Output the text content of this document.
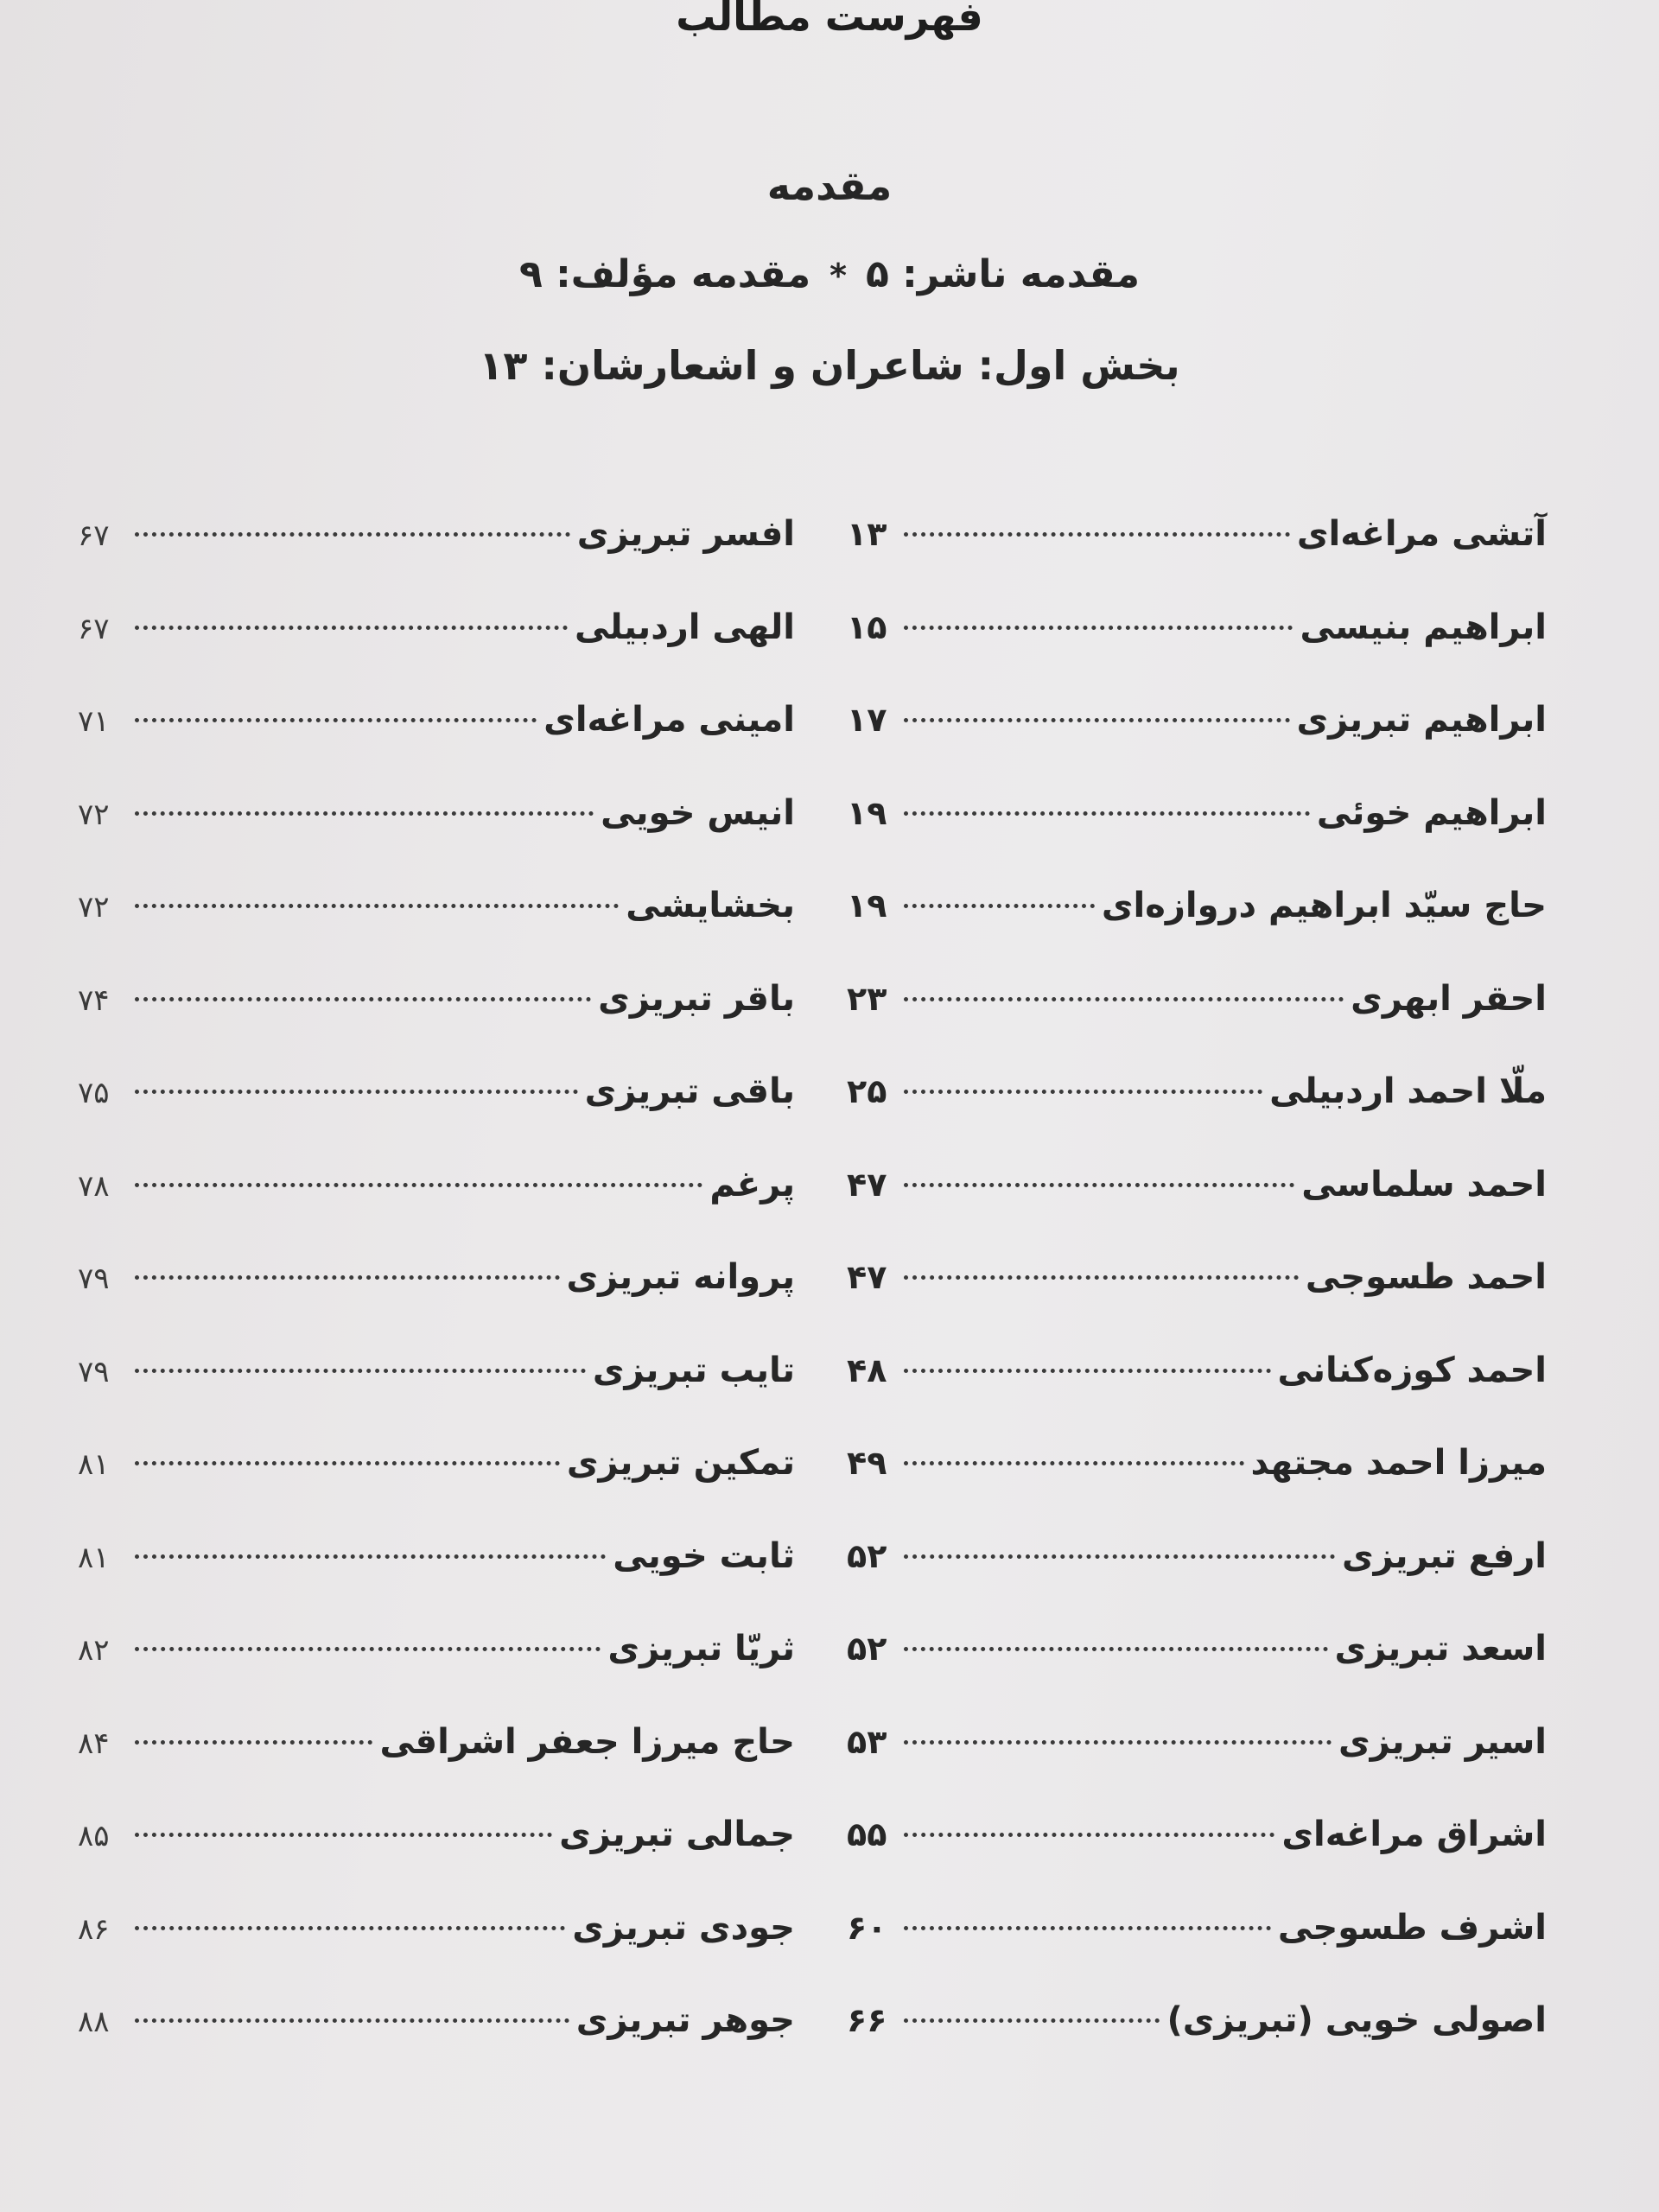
فهرست مطالب
مقدمه
مقدمه ناشر: ۵*مقدمه مؤلف: ۹
بخش اول: شاعران و اشعارشان: ۱۳
آتشی مراغه‌ای
۱۳
ابراهیم بنیسی
۱۵
ابراهیم تبریزی
۱۷
ابراهیم خوئی
۱۹
حاج سیّد ابراهیم دروازه‌ای
۱۹
احقر ابهری
۲۳
ملّا احمد اردبیلی
۲۵
احمد سلماسی
۴۷
احمد طسوجی
۴۷
احمد کوزه‌کنانی
۴۸
میرزا احمد مجتهد
۴۹
ارفع تبریزی
۵۲
اسعد تبریزی
۵۲
اسیر تبریزی
۵۳
اشراق مراغه‌ای
۵۵
اشرف طسوجی
۶۰
اصولی خویی (تبریزی)
۶۶
افسر تبریزی
۶۷
الهی اردبیلی
۶۷
امینی مراغه‌ای
۷۱
انیس خویی
۷۲
بخشایشی
۷۲
باقر تبریزی
۷۴
باقی تبریزی
۷۵
پرغم
۷۸
پروانه تبریزی
۷۹
تایب تبریزی
۷۹
تمکین تبریزی
۸۱
ثابت خویی
۸۱
ثریّا تبریزی
۸۲
حاج میرزا جعفر اشراقی
۸۴
جمالی تبریزی
۸۵
جودی تبریزی
۸۶
جوهر تبریزی
۸۸
